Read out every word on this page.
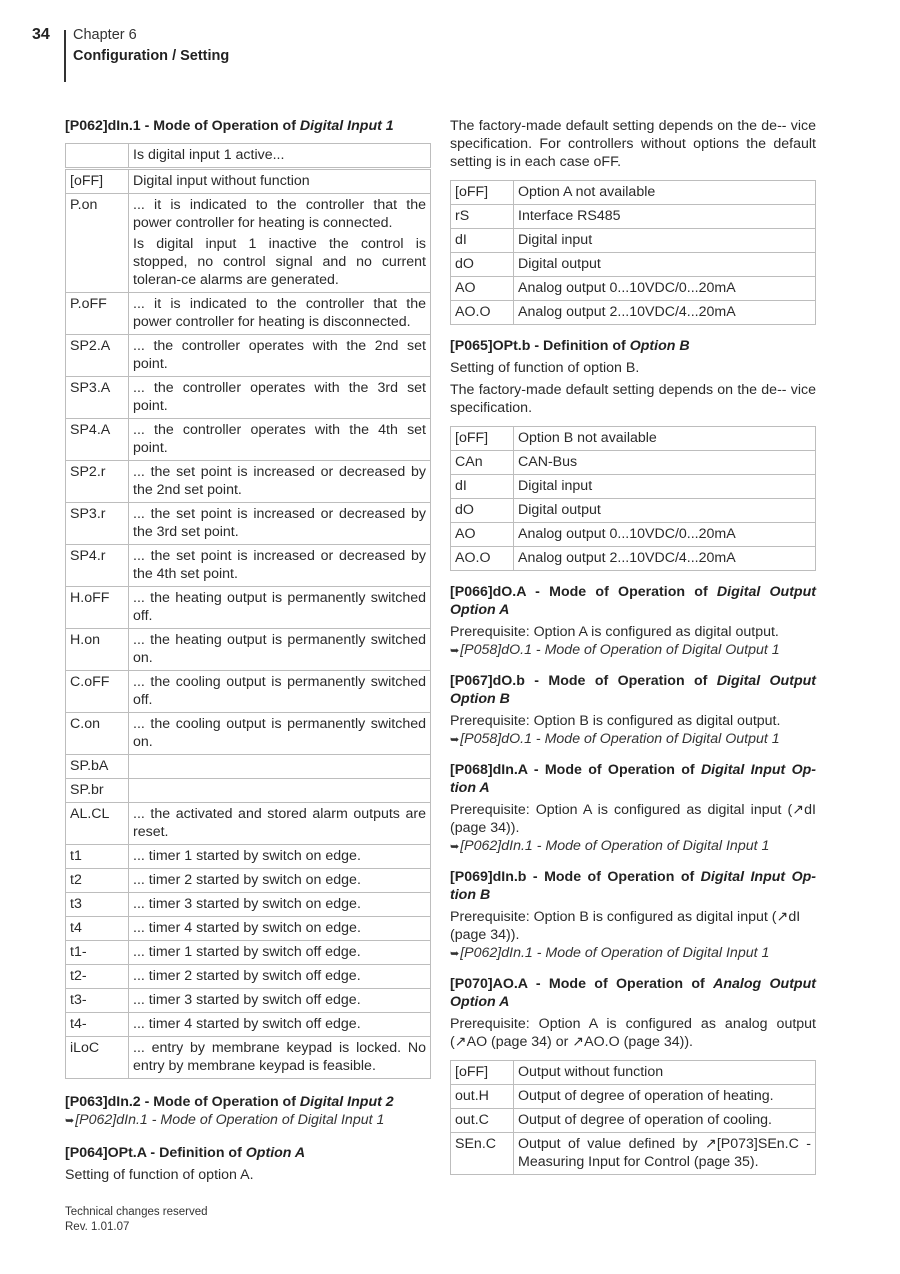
34 Chapter 6
Configuration / Setting
[P062]dIn.1 - Mode of Operation of Digital Input 1
	Is digital input 1 active...
[oFF]	Digital input without function

P.on	... it is indicated to the controller that the power controller for heating is connected.
Is digital input 1 inactive the control is stopped, no control signal and no current toleran-ce alarms are generated.

P.oFF	... it is indicated to the controller that the power controller for heating is disconnected.

SP2.A	... the controller operates with the 2nd set point.

SP3.A	... the controller operates with the 3rd set point.

SP4.A	... the controller operates with the 4th set point.

SP2.r	... the set point is increased or decreased by the 2nd set point.

SP3.r	... the set point is increased or decreased by the 3rd set point.

SP4.r	... the set point is increased or decreased by the 4th set point.

H.oFF	... the heating output is permanently switched off.

H.on	... the heating output is permanently switched on.

C.oFF	... the cooling output is permanently switched off.

C.on	... the cooling output is permanently switched on.

SP.bA	

SP.br	

AL.CL	... the activated and stored alarm outputs are reset.

t1	... timer 1 started by switch on edge.

t2	... timer 2 started by switch on edge.

t3	... timer 3 started by switch on edge.

t4	... timer 4 started by switch on edge.

t1-	... timer 1 started by switch off edge.

t2-	... timer 2 started by switch off edge.

t3-	... timer 3 started by switch off edge.

t4-	... timer 4 started by switch off edge.

iLoC	... entry by membrane keypad is locked. No entry by membrane keypad is feasible.
[P063]dIn.2 - Mode of Operation of Digital Input 2

➥[P062]dIn.1 - Mode of Operation of Digital Input 1

[P064]OPt.A - Definition of Option A

Setting of function of option A.

The factory-made default setting depends on the de-- vice specification. For controllers without options the default setting is in each case oFF.

[oFF]	Option A not available

rS	Interface RS485

dI	Digital input

dO	Digital output

AO	Analog output 0...10VDC/0...20mA

AO.O	Analog output 2...10VDC/4...20mA
[P065]OPt.b - Definition of Option B

Setting of function of option B.

The factory-made default setting depends on the de-- vice specification.

[oFF]	Option B not available

CAn	CAN-Bus

dI	Digital input

dO	Digital output

AO	Analog output 0...10VDC/0...20mA

AO.O	Analog output 2...10VDC/4...20mA
[P066]dO.A - Mode of Operation of Digital Output Option A

Prerequisite: Option A is configured as digital output.

➥[P058]dO.1 - Mode of Operation of Digital Output 1

[P067]dO.b - Mode of Operation of Digital Output Option B

Prerequisite: Option B is configured as digital output.

➥[P058]dO.1 - Mode of Operation of Digital Output 1

[P068]dIn.A - Mode of Operation of Digital Input Op-tion A

Prerequisite: Option A is configured as digital input (↗dI (page 34)).

➥[P062]dIn.1 - Mode of Operation of Digital Input 1

[P069]dIn.b - Mode of Operation of Digital Input Op-tion B

Prerequisite: Option B is configured as digital input (↗dI (page 34)).

➥[P062]dIn.1 - Mode of Operation of Digital Input 1

[P070]AO.A - Mode of Operation of Analog Output Option A

Prerequisite: Option A is configured as analog output (↗AO (page 34) or ↗AO.O (page 34)).

[oFF]	Output without function

out.H	Output of degree of operation of heating.

out.C	Output of degree of operation of cooling.

SEn.C	Output of value defined by ↗[P073]SEn.C - Measuring Input for Control (page 35).
Technical changes reserved
Rev. 1.01.07
